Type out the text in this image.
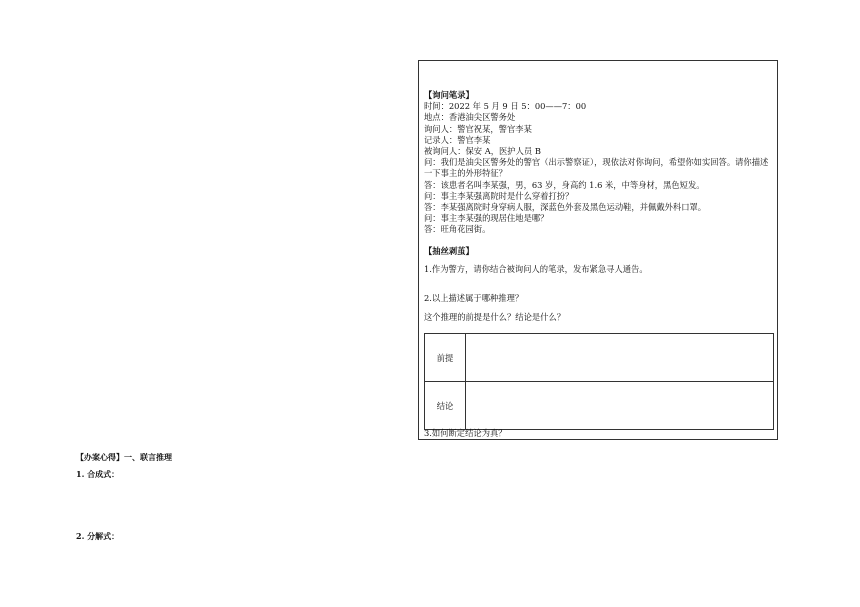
【询问笔录】
时间：2022 年 5 月 9 日 5：00——7：00
地点：香港油尖区警务处
询问人：警官祝某，警官李某
记录人：警官李某
被询问人：保安 A，医护人员 B
问：我们是油尖区警务处的警官（出示警察证），现依法对你询问，希望你如实回答。请你描述一下事主的外形特征？
答：该患者名叫李某强，男，63 岁，身高约 1.6 米，中等身材，黑色短发。
问：事主李某强离院时是什么穿着打扮？
答：李某强离院时身穿病人服，深蓝色外套及黑色运动鞋，并佩戴外科口罩。
问：事主李某强的现居住地是哪？
答：旺角花园街。
【抽丝剥茧】
1.作为警方，请你结合被询问人的笔录，发布紧急寻人通告。
2.以上描述属于哪种推理？
这个推理的前提是什么？结论是什么？
前提	
结论	
3.如何断定结论为真？
【办案心得】一、联言推理
1. 合成式：
2. 分解式：
